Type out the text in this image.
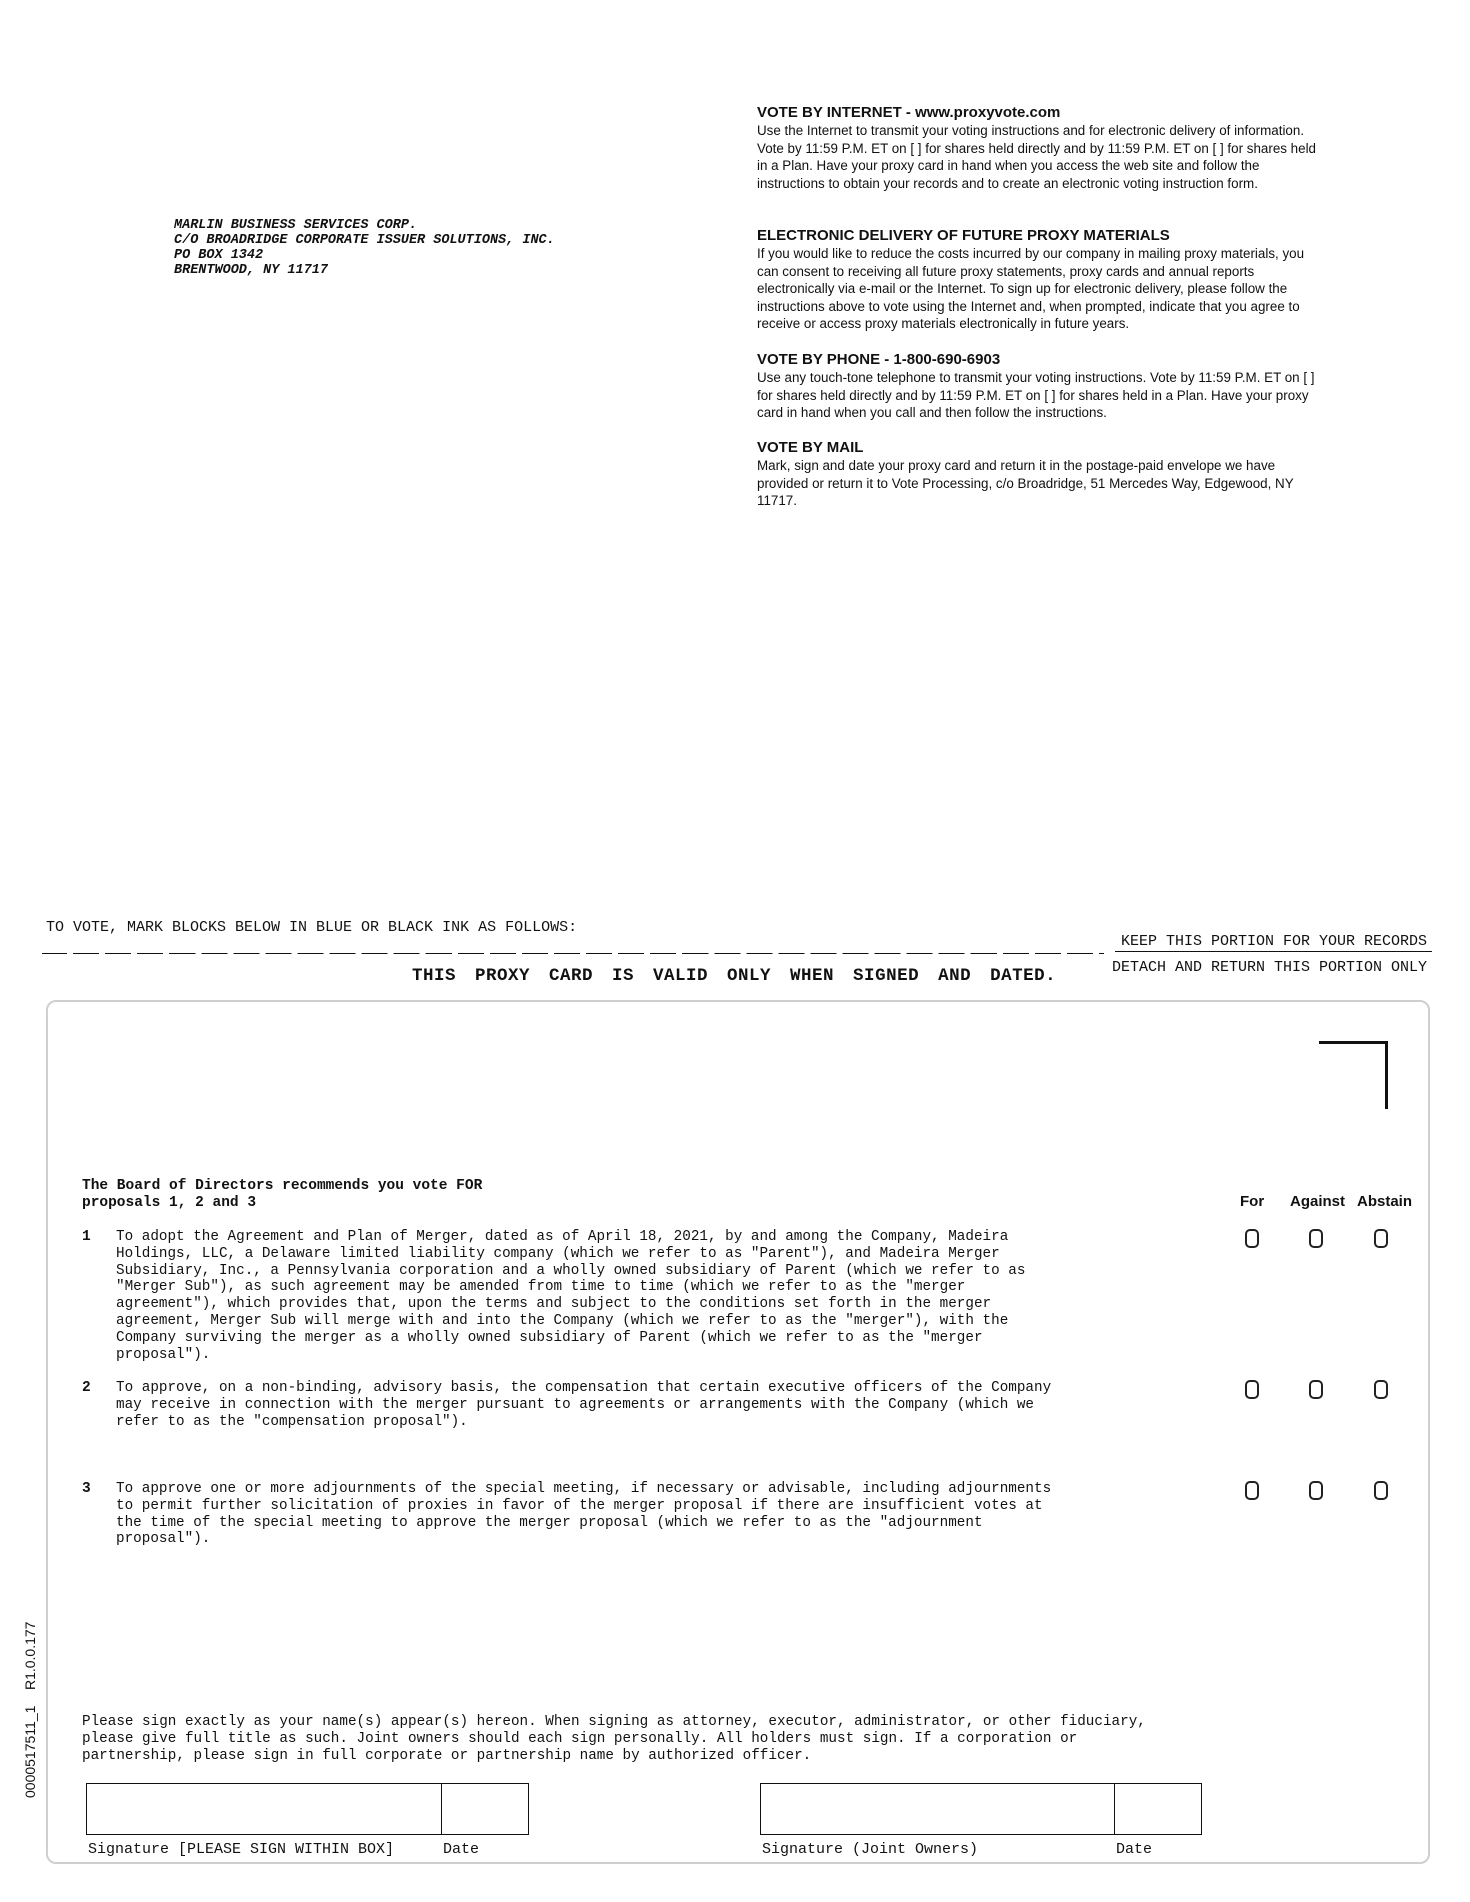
MARLIN BUSINESS SERVICES CORP.
C/O BROADRIDGE CORPORATE ISSUER SOLUTIONS, INC.
PO BOX 1342
BRENTWOOD, NY 11717
VOTE BY INTERNET - www.proxyvote.com

Use the Internet to transmit your voting instructions and for electronic delivery of information. Vote by 11:59 P.M. ET on [ ] for shares held directly and by 11:59 P.M. ET on [ ] for shares held in a Plan. Have your proxy card in hand when you access the web site and follow the instructions to obtain your records and to create an electronic voting instruction form.

ELECTRONIC DELIVERY OF FUTURE PROXY MATERIALS

If you would like to reduce the costs incurred by our company in mailing proxy materials, you can consent to receiving all future proxy statements, proxy cards and annual reports electronically via e-mail or the Internet. To sign up for electronic delivery, please follow the instructions above to vote using the Internet and, when prompted, indicate that you agree to receive or access proxy materials electronically in future years.

VOTE BY PHONE - 1-800-690-6903

Use any touch-tone telephone to transmit your voting instructions. Vote by 11:59 P.M. ET on [ ] for shares held directly and by 11:59 P.M. ET on [ ] for shares held in a Plan. Have your proxy card in hand when you call and then follow the instructions.

VOTE BY MAIL

Mark, sign and date your proxy card and return it in the postage-paid envelope we have provided or return it to Vote Processing, c/o Broadridge, 51 Mercedes Way, Edgewood, NY 11717.

TO VOTE, MARK BLOCKS BELOW IN BLUE OR BLACK INK AS FOLLOWS:
KEEP THIS PORTION FOR YOUR RECORDS
DETACH AND RETURN THIS PORTION ONLY
THIS PROXY CARD IS VALID ONLY WHEN SIGNED AND DATED.
The Board of Directors recommends you vote FOR
proposals 1, 2 and 3	For Against Abstain
1 To adopt the Agreement and Plan of Merger, dated as of April 18, 2021, by and among the Company, Madeira Holdings, LLC, a Delaware limited liability company (which we refer to as "Parent"), and Madeira Merger Subsidiary, Inc., a Pennsylvania corporation and a wholly owned subsidiary of Parent (which we refer to as "Merger Sub"), as such agreement may be amended from time to time (which we refer to as the "merger agreement"), which provides that, upon the terms and subject to the conditions set forth in the merger agreement, Merger Sub will merge with and into the Company (which we refer to as the "merger"), with the Company surviving the merger as a wholly owned subsidiary of Parent (which we refer to as the "merger proposal").
2 To approve, on a non-binding, advisory basis, the compensation that certain executive officers of the Company may receive in connection with the merger pursuant to agreements or arrangements with the Company (which we refer to as the "compensation proposal").
3 To approve one or more adjournments of the special meeting, if necessary or advisable, including adjournments to permit further solicitation of proxies in favor of the merger proposal if there are insufficient votes at the time of the special meeting to approve the merger proposal (which we refer to as the "adjournment proposal").
Please sign exactly as your name(s) appear(s) hereon. When signing as attorney, executor, administrator, or other fiduciary, please give full title as such. Joint owners should each sign personally. All holders must sign. If a corporation or partnership, please sign in full corporate or partnership name by authorized officer.
Signature [PLEASE SIGN WITHIN BOX]	Date	Signature (Joint Owners)	Date
0000517511_1    R1.0.0.177
